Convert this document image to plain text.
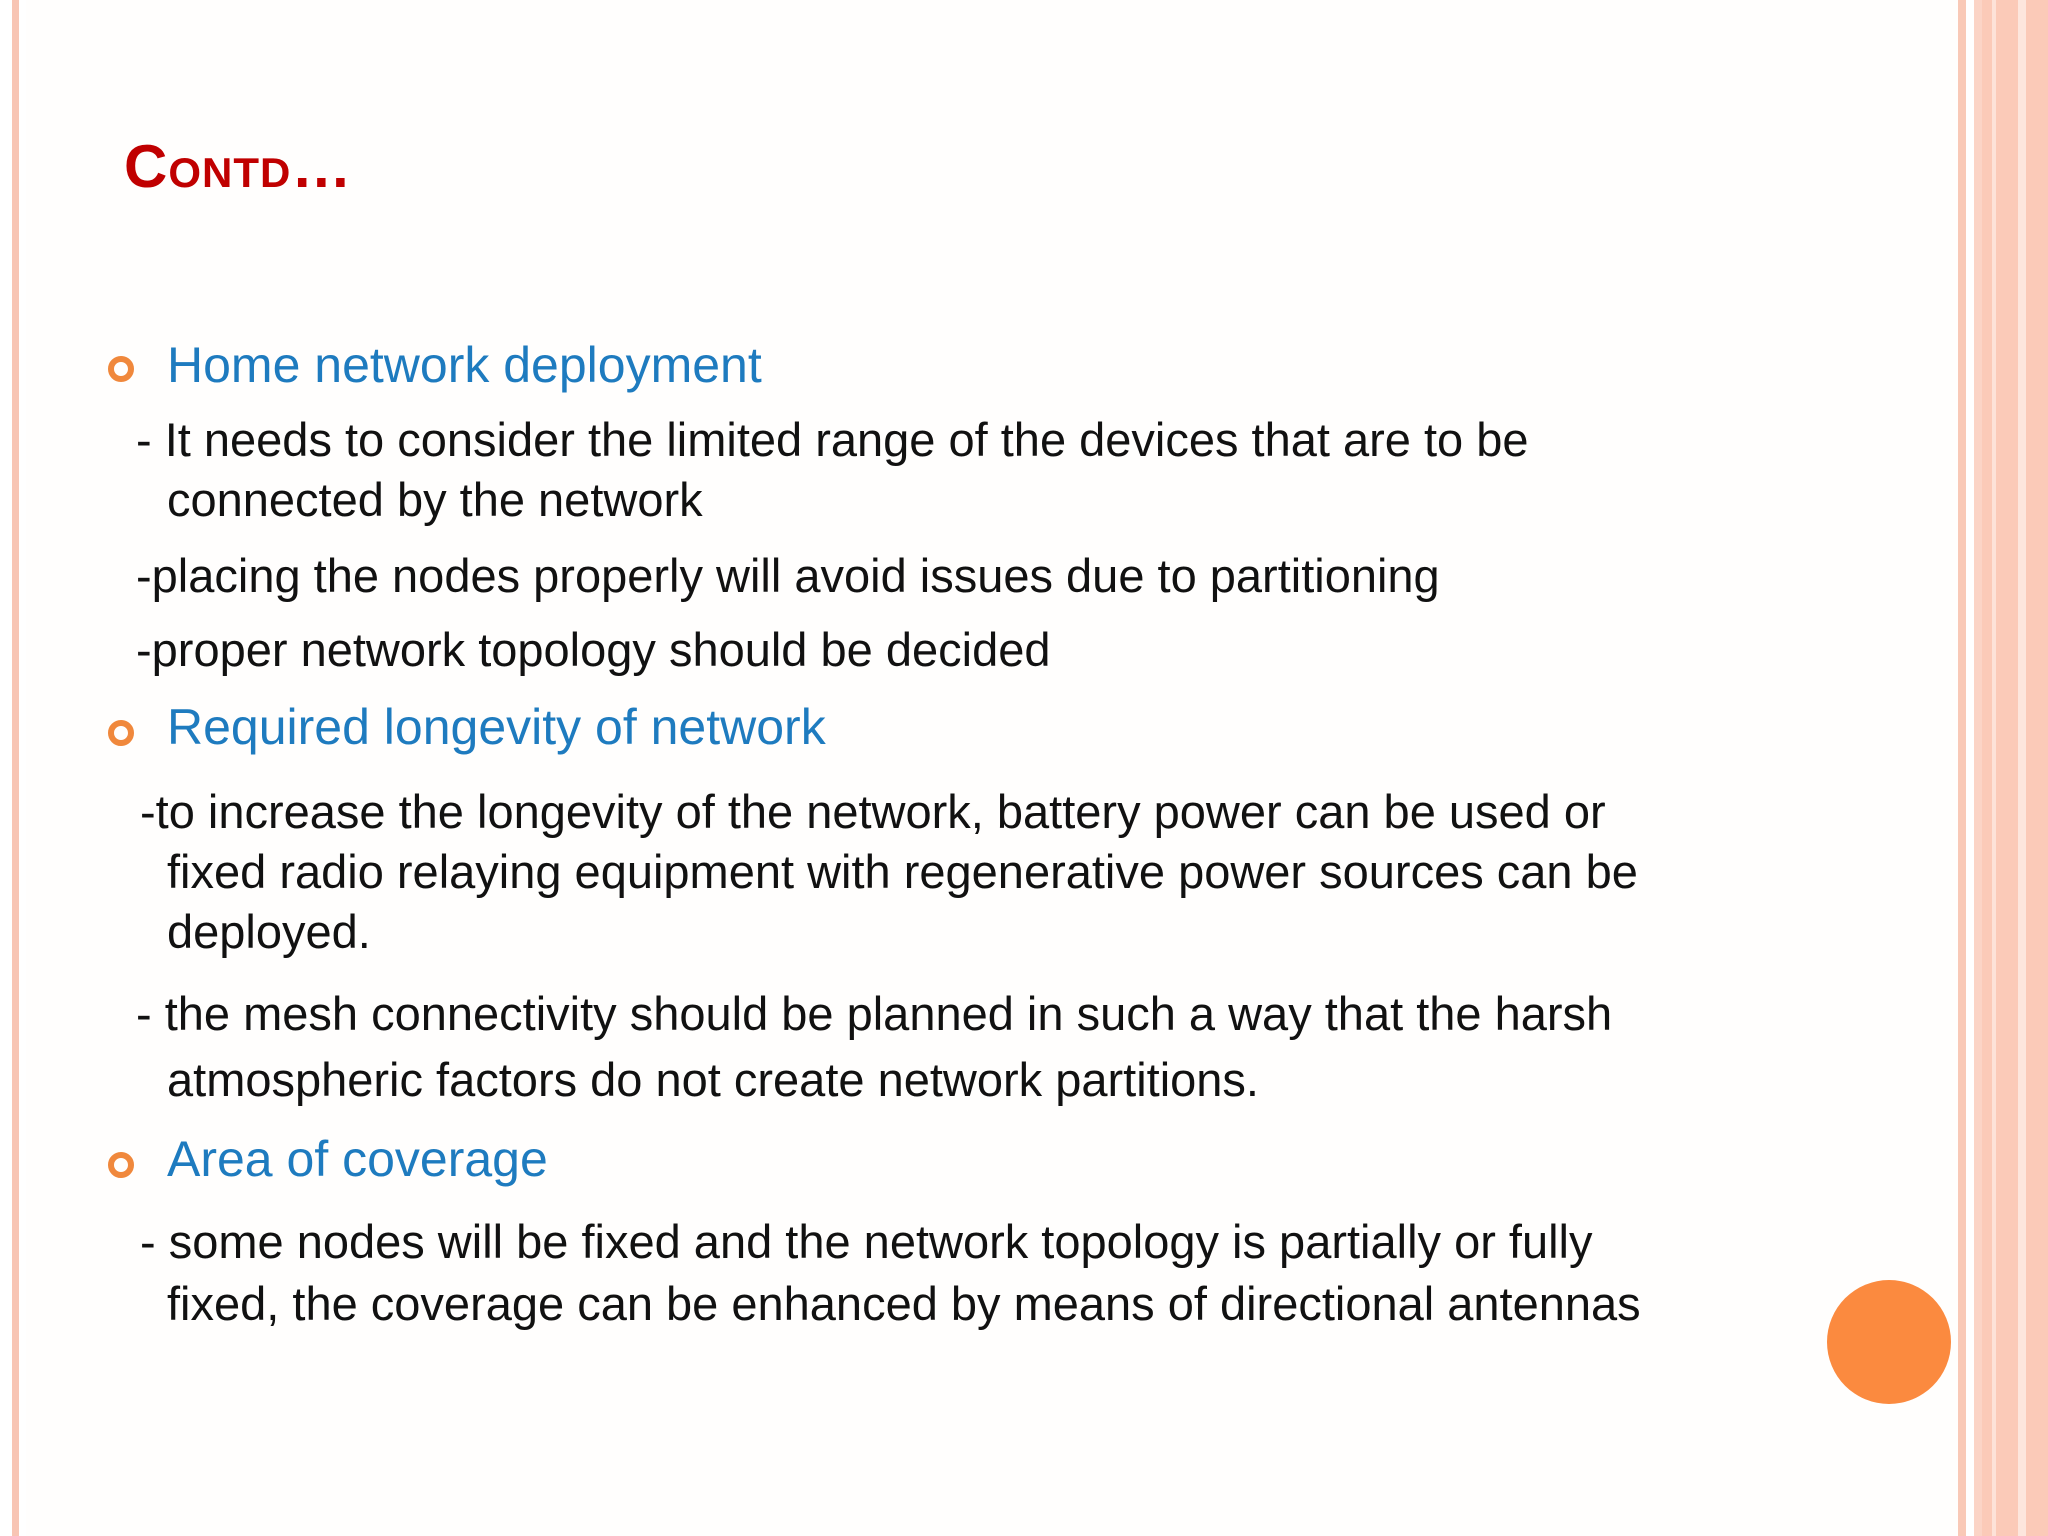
Contd…
Home network deployment
- It needs to consider the limited range of the devices that are to be
connected by the network
-placing the nodes properly will avoid issues due to partitioning
-proper network topology should be decided
Required longevity of network
-to increase the longevity of the network, battery power can be used or
fixed radio relaying equipment with regenerative power sources can be
deployed.
- the mesh connectivity should be planned in such a way that the harsh
atmospheric factors do not create network partitions.
Area of coverage
- some nodes will be fixed and the network topology is partially or fully
fixed, the coverage can be enhanced by means of directional antennas
